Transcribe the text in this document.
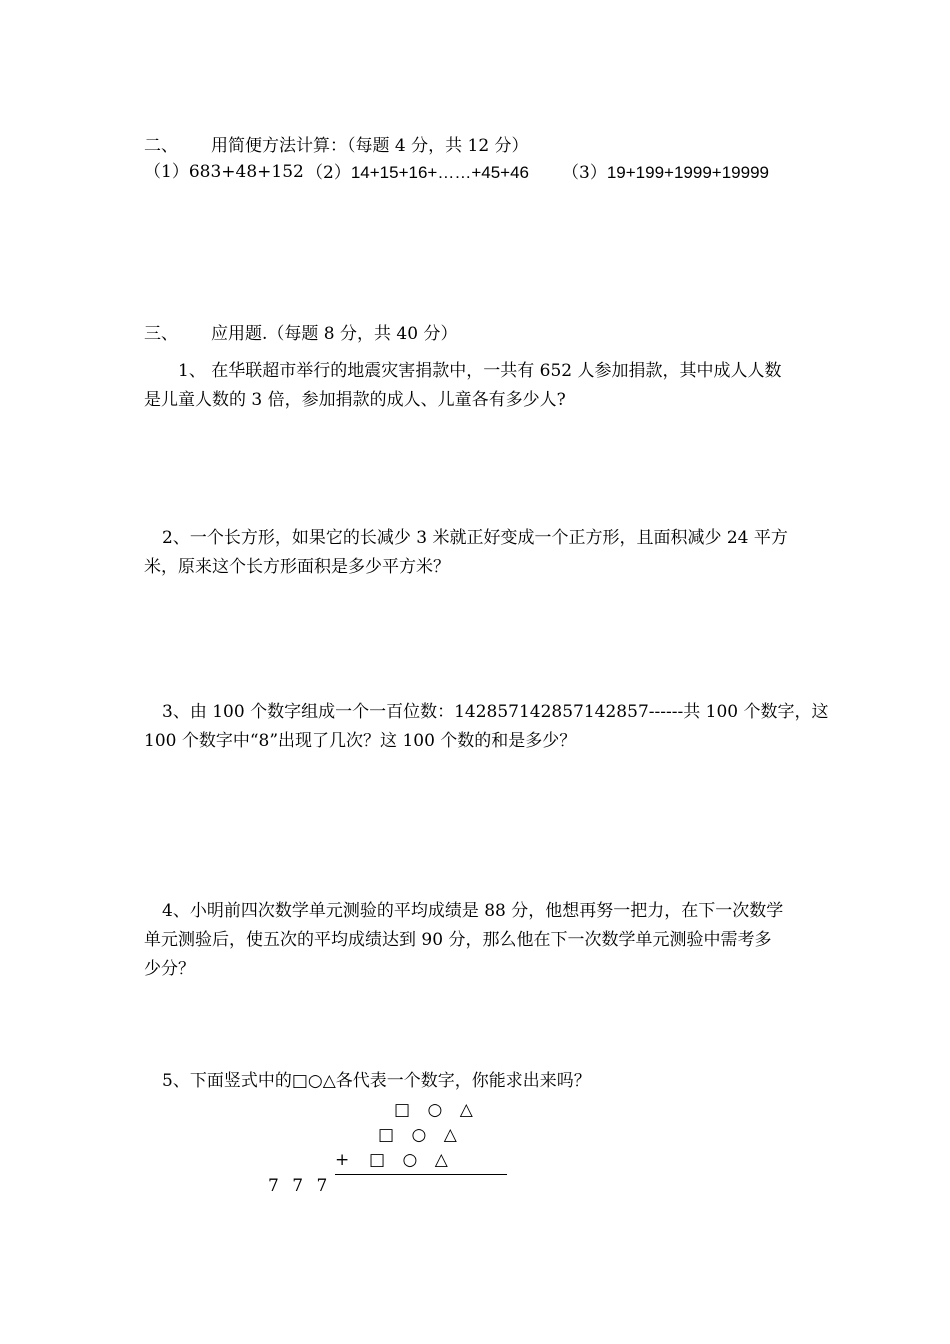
二、 用简便方法计算：（每题 4 分，共 12 分）
（1）683+48+152 （2）14+15+16+……+45+46 （3）19+199+1999+19999
三、 应用题.（每题 8 分，共 40 分）
1、 在华联超市举行的地震灾害捐款中，一共有 652 人参加捐款，其中成人人数
是儿童人数的 3 倍，参加捐款的成人、儿童各有多少人?
2、一个长方形，如果它的长减少 3 米就正好变成一个正方形，且面积减少 24 平方
米，原来这个长方形面积是多少平方米？
3、由 100 个数字组成一个一百位数：142857142857142857------共 100 个数字，这
100 个数字中“8”出现了几次？这 100 个数的和是多少？
4、小明前四次数学单元测验的平均成绩是 88 分，他想再努一把力，在下一次数学
单元测验后，使五次的平均成绩达到 90 分，那么他在下一次数学单元测验中需考多
少分？
5、下面竖式中的□○△各代表一个数字，你能求出来吗？
□ ○ △
□ ○ △
+ □ ○ △
7 7 7
